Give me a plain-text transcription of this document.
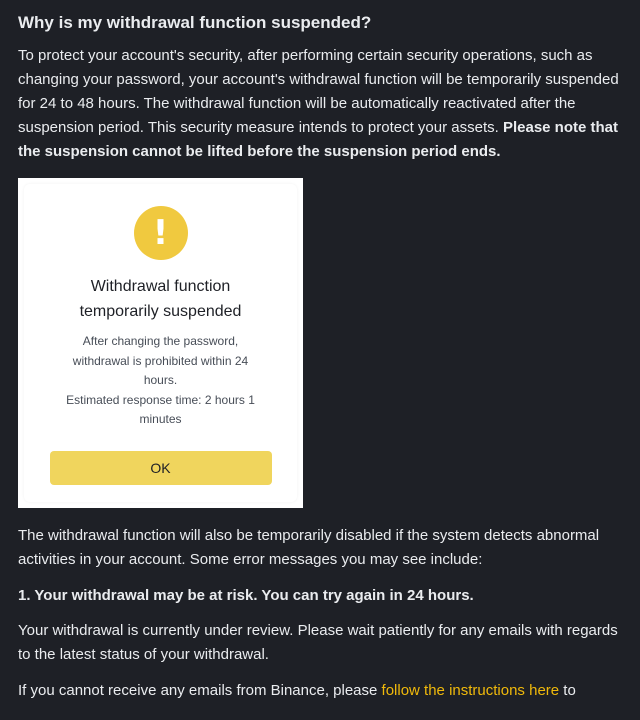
Why is my withdrawal function suspended?

To protect your account's security, after performing certain security operations, such as changing your password, your account's withdrawal function will be temporarily suspended for 24 to 48 hours. The withdrawal function will be automatically reactivated after the suspension period. This security measure intends to protect your assets. Please note that the suspension cannot be lifted before the suspension period ends.

!
Withdrawal function temporarily suspended
After changing the password, withdrawal is prohibited within 24 hours.
Estimated response time: 2 hours 1 minutes
OK

The withdrawal function will also be temporarily disabled if the system detects abnormal activities in your account. Some error messages you may see include:

1. Your withdrawal may be at risk. You can try again in 24 hours.

Your withdrawal is currently under review. Please wait patiently for any emails with regards to the latest status of your withdrawal.

If you cannot receive any emails from Binance, please follow the instructions here to
